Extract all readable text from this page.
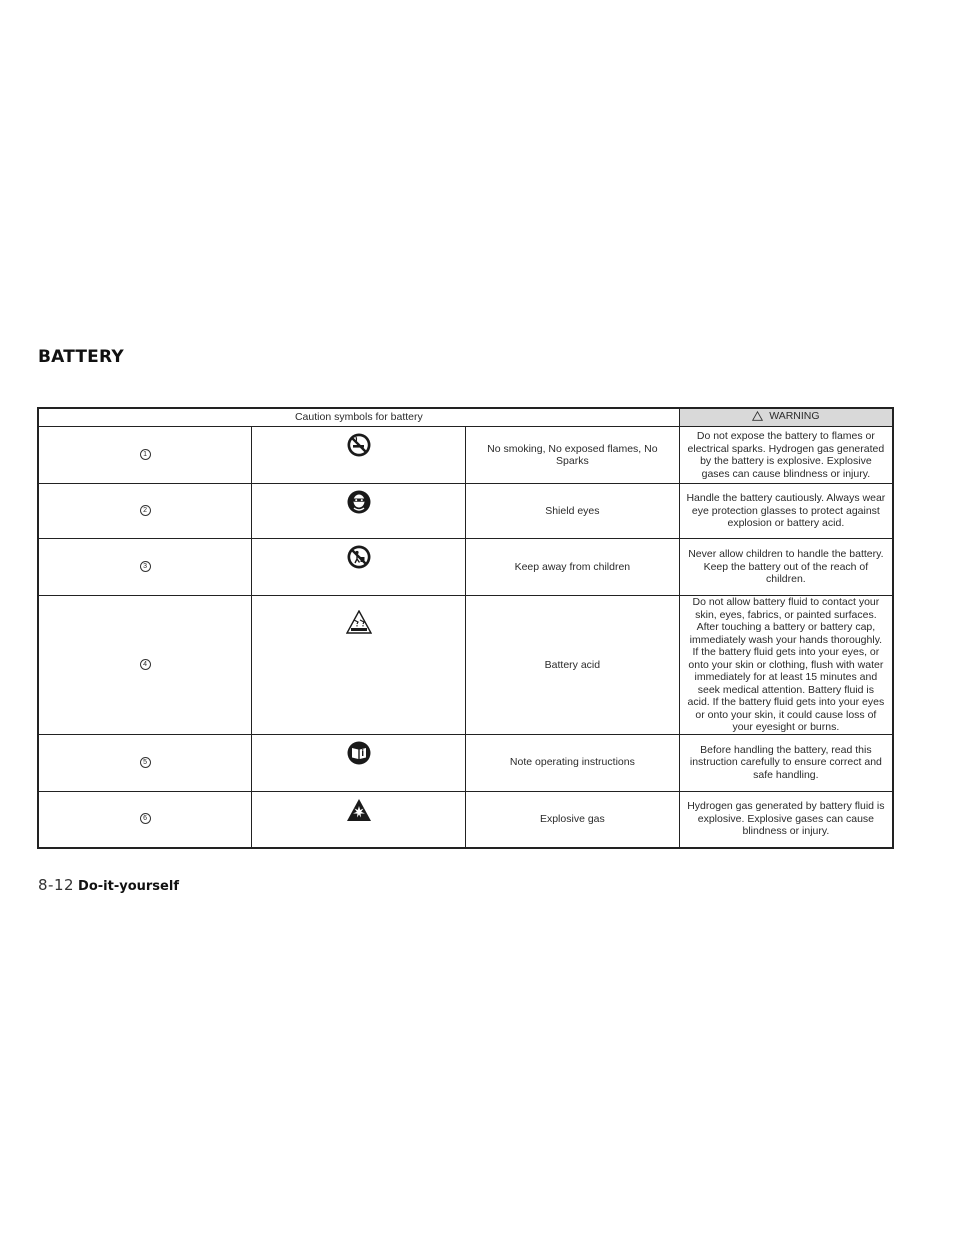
BATTERY
Caution symbols for battery			WARNING
1		No smoking, No exposed flames, No Sparks	Do not expose the battery to flames or electrical sparks. Hydrogen gas generated by the battery is explosive. Explosive gases can cause blindness or injury.
2		Shield eyes	Handle the battery cautiously. Always wear eye protection glasses to protect against explosion or battery acid.
3		Keep away from children	Never allow children to handle the battery. Keep the battery out of the reach of children.
4		Battery acid	Do not allow battery fluid to contact your skin, eyes, fabrics, or painted surfaces. After touching a battery or battery cap, immediately wash your hands thoroughly. If the battery fluid gets into your eyes, or onto your skin or clothing, flush with water immediately for at least 15 minutes and seek medical attention. Battery fluid is acid. If the battery fluid gets into your eyes or onto your skin, it could cause loss of your eyesight or burns.
5		Note operating instructions	Before handling the battery, read this instruction carefully to ensure correct and safe handling.
6		Explosive gas	Hydrogen gas generated by battery fluid is explosive. Explosive gases can cause blindness or injury.
8-12 Do-it-yourself
